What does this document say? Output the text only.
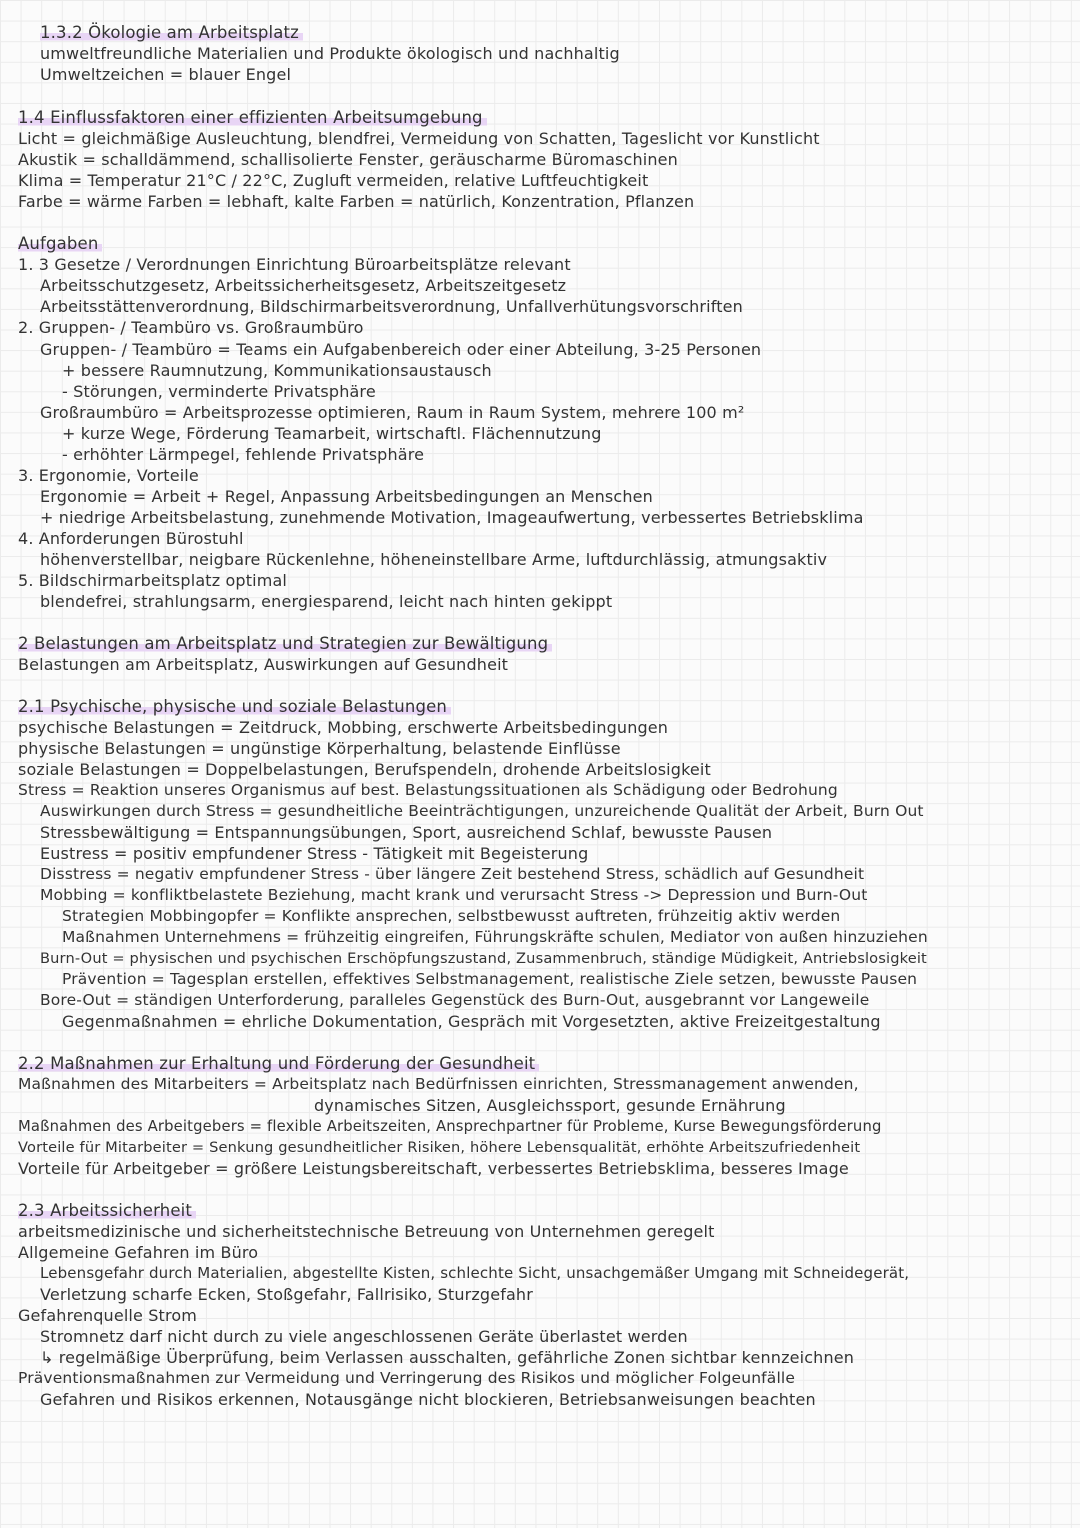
1.3.2 Ökologie am Arbeitsplatz
umweltfreundliche Materialien und Produkte ökologisch und nachhaltig
Umweltzeichen = blauer Engel
1.4 Einflussfaktoren einer effizienten Arbeitsumgebung
Licht = gleichmäßige Ausleuchtung, blendfrei, Vermeidung von Schatten, Tageslicht vor Kunstlicht
Akustik = schalldämmend, schallisolierte Fenster, geräuscharme Büromaschinen
Klima = Temperatur 21°C / 22°C, Zugluft vermeiden, relative Luftfeuchtigkeit
Farbe = wärme Farben = lebhaft, kalte Farben = natürlich, Konzentration, Pflanzen
Aufgaben
1. 3 Gesetze / Verordnungen Einrichtung Büroarbeitsplätze relevant
Arbeitsschutzgesetz, Arbeitssicherheitsgesetz, Arbeitszeitgesetz
Arbeitsstättenverordnung, Bildschirmarbeitsverordnung, Unfallverhütungsvorschriften
2. Gruppen- / Teambüro vs. Großraumbüro
Gruppen- / Teambüro = Teams ein Aufgabenbereich oder einer Abteilung, 3-25 Personen
+ bessere Raumnutzung, Kommunikationsaustausch
- Störungen, verminderte Privatsphäre
Großraumbüro = Arbeitsprozesse optimieren, Raum in Raum System, mehrere 100 m²
+ kurze Wege, Förderung Teamarbeit, wirtschaftl. Flächennutzung
- erhöhter Lärmpegel, fehlende Privatsphäre
3. Ergonomie, Vorteile
Ergonomie = Arbeit + Regel, Anpassung Arbeitsbedingungen an Menschen
+ niedrige Arbeitsbelastung, zunehmende Motivation, Imageaufwertung, verbessertes Betriebsklima
4. Anforderungen Bürostuhl
höhenverstellbar, neigbare Rückenlehne, höheneinstellbare Arme, luftdurchlässig, atmungsaktiv
5. Bildschirmarbeitsplatz optimal
blendefrei, strahlungsarm, energiesparend, leicht nach hinten gekippt
2 Belastungen am Arbeitsplatz und Strategien zur Bewältigung
Belastungen am Arbeitsplatz, Auswirkungen auf Gesundheit
2.1 Psychische, physische und soziale Belastungen
psychische Belastungen = Zeitdruck, Mobbing, erschwerte Arbeitsbedingungen
physische Belastungen = ungünstige Körperhaltung, belastende Einflüsse
soziale Belastungen = Doppelbelastungen, Berufspendeln, drohende Arbeitslosigkeit
Stress = Reaktion unseres Organismus auf best. Belastungssituationen als Schädigung oder Bedrohung
Auswirkungen durch Stress = gesundheitliche Beeinträchtigungen, unzureichende Qualität der Arbeit, Burn Out
Stressbewältigung = Entspannungsübungen, Sport, ausreichend Schlaf, bewusste Pausen
Eustress = positiv empfundener Stress - Tätigkeit mit Begeisterung
Disstress = negativ empfundener Stress - über längere Zeit bestehend Stress, schädlich auf Gesundheit
Mobbing = konfliktbelastete Beziehung, macht krank und verursacht Stress -> Depression und Burn-Out
Strategien Mobbingopfer = Konflikte ansprechen, selbstbewusst auftreten, frühzeitig aktiv werden
Maßnahmen Unternehmens = frühzeitig eingreifen, Führungskräfte schulen, Mediator von außen hinzuziehen
Burn-Out = physischen und psychischen Erschöpfungszustand, Zusammenbruch, ständige Müdigkeit, Antriebslosigkeit
Prävention = Tagesplan erstellen, effektives Selbstmanagement, realistische Ziele setzen, bewusste Pausen
Bore-Out = ständigen Unterforderung, paralleles Gegenstück des Burn-Out, ausgebrannt vor Langeweile
Gegenmaßnahmen = ehrliche Dokumentation, Gespräch mit Vorgesetzten, aktive Freizeitgestaltung
2.2 Maßnahmen zur Erhaltung und Förderung der Gesundheit
Maßnahmen des Mitarbeiters = Arbeitsplatz nach Bedürfnissen einrichten, Stressmanagement anwenden,
dynamisches Sitzen, Ausgleichssport, gesunde Ernährung
Maßnahmen des Arbeitgebers = flexible Arbeitszeiten, Ansprechpartner für Probleme, Kurse Bewegungsförderung
Vorteile für Mitarbeiter = Senkung gesundheitlicher Risiken, höhere Lebensqualität, erhöhte Arbeitszufriedenheit
Vorteile für Arbeitgeber = größere Leistungsbereitschaft, verbessertes Betriebsklima, besseres Image
2.3 Arbeitssicherheit
arbeitsmedizinische und sicherheitstechnische Betreuung von Unternehmen geregelt
Allgemeine Gefahren im Büro
Lebensgefahr durch Materialien, abgestellte Kisten, schlechte Sicht, unsachgemäßer Umgang mit Schneidegerät,
Verletzung scharfe Ecken, Stoßgefahr, Fallrisiko, Sturzgefahr
Gefahrenquelle Strom
Stromnetz darf nicht durch zu viele angeschlossenen Geräte überlastet werden
↳ regelmäßige Überprüfung, beim Verlassen ausschalten, gefährliche Zonen sichtbar kennzeichnen
Präventionsmaßnahmen zur Vermeidung und Verringerung des Risikos und möglicher Folgeunfälle
Gefahren und Risikos erkennen, Notausgänge nicht blockieren, Betriebsanweisungen beachten
